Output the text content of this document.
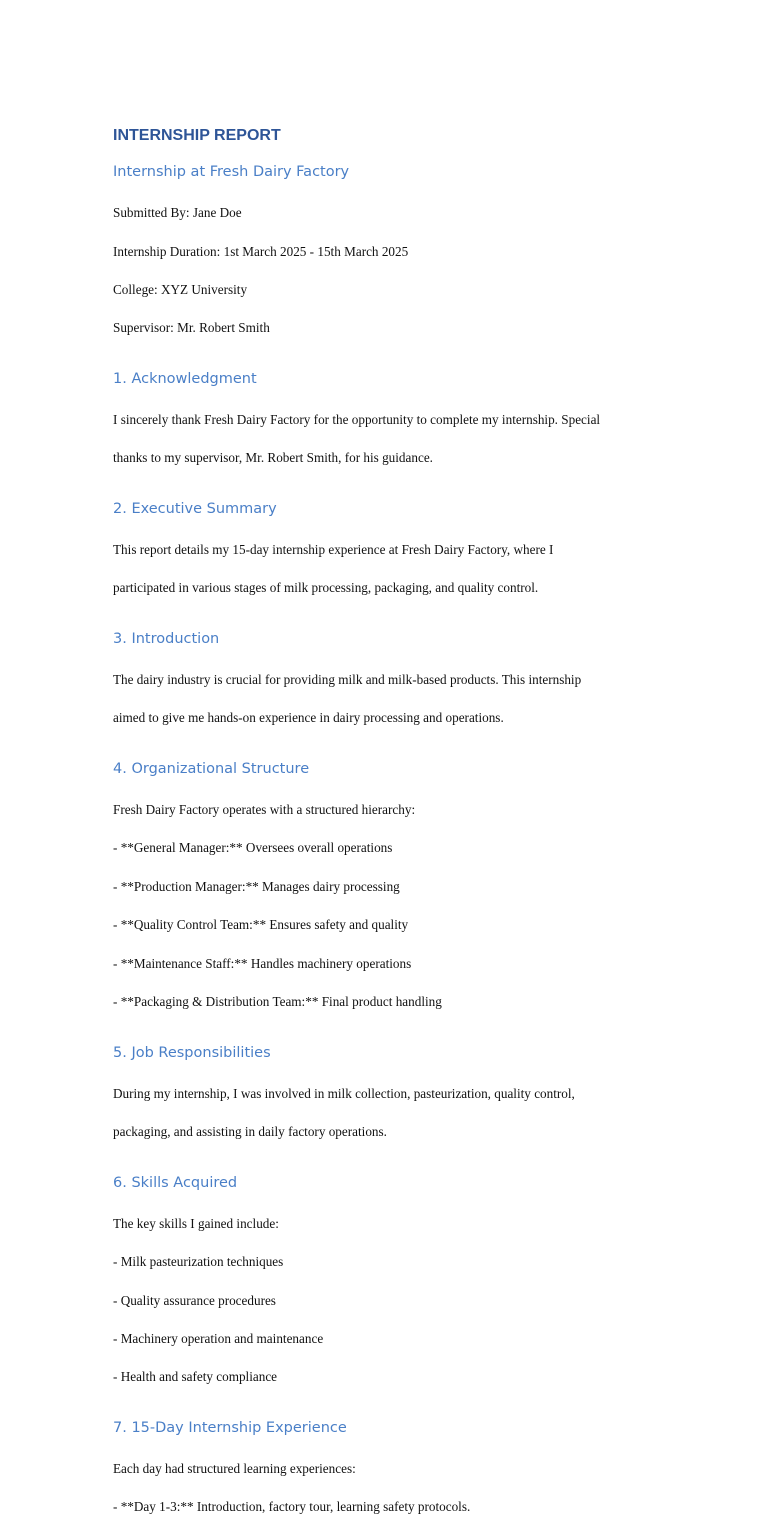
INTERNSHIP REPORT
Internship at Fresh Dairy Factory

Submitted By: Jane Doe

Internship Duration: 1st March 2025 - 15th March 2025

College: XYZ University

Supervisor: Mr. Robert Smith

1. Acknowledgment

I sincerely thank Fresh Dairy Factory for the opportunity to complete my internship. Special

thanks to my supervisor, Mr. Robert Smith, for his guidance.

2. Executive Summary

This report details my 15-day internship experience at Fresh Dairy Factory, where I

participated in various stages of milk processing, packaging, and quality control.

3. Introduction

The dairy industry is crucial for providing milk and milk-based products. This internship

aimed to give me hands-on experience in dairy processing and operations.

4. Organizational Structure

Fresh Dairy Factory operates with a structured hierarchy:

- **General Manager:** Oversees overall operations

- **Production Manager:** Manages dairy processing

- **Quality Control Team:** Ensures safety and quality

- **Maintenance Staff:** Handles machinery operations

- **Packaging & Distribution Team:** Final product handling

5. Job Responsibilities

During my internship, I was involved in milk collection, pasteurization, quality control,

packaging, and assisting in daily factory operations.

6. Skills Acquired

The key skills I gained include:

- Milk pasteurization techniques

- Quality assurance procedures

- Machinery operation and maintenance

- Health and safety compliance

7. 15-Day Internship Experience

Each day had structured learning experiences:

- **Day 1-3:** Introduction, factory tour, learning safety protocols.
